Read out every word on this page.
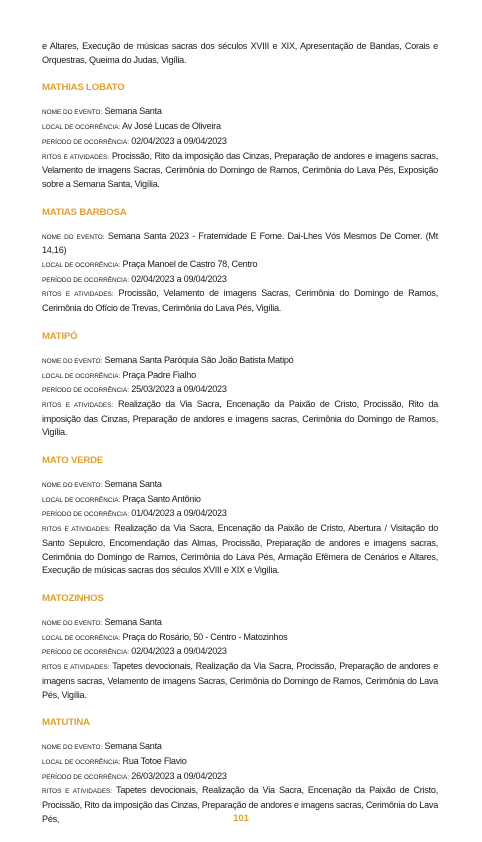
e Altares, Execução de músicas sacras dos séculos XVIII e XIX, Apresentação de Bandas, Corais e Orquestras, Queima do Judas, Vigília.

MATHIAS LOBATO

NOME DO EVENTO: Semana Santa

LOCAL DE OCORRÊNCIA: Av José Lucas de Oliveira

PERÍODO DE OCORRÊNCIA: 02/04/2023 a 09/04/2023

RITOS E ATIVIDADES: Procissão, Rito da imposição das Cinzas, Preparação de andores e imagens sacras, Velamento de imagens Sacras, Cerimônia do Domingo de Ramos, Cerimônia do Lava Pés, Exposição sobre a Semana Santa, Vigília.

MATIAS BARBOSA

NOME DO EVENTO: Semana Santa 2023 - Fraternidade E Fome. Dai-Lhes Vós Mesmos De Comer. (Mt 14,16)

LOCAL DE OCORRÊNCIA: Praça Manoel de Castro 78, Centro

PERÍODO DE OCORRÊNCIA: 02/04/2023 a 09/04/2023

RITOS E ATIVIDADES: Procissão, Velamento de imagens Sacras, Cerimônia do Domingo de Ramos, Cerimônia do Ofício de Trevas, Cerimônia do Lava Pés, Vigília.

MATIPÓ

NOME DO EVENTO: Semana Santa Paróquia São João Batista Matipó

LOCAL DE OCORRÊNCIA: Praça Padre Fialho

PERÍODO DE OCORRÊNCIA: 25/03/2023 a 09/04/2023

RITOS E ATIVIDADES: Realização da Via Sacra, Encenação da Paixão de Cristo, Procissão, Rito da imposição das Cinzas, Preparação de andores e imagens sacras, Cerimônia do Domingo de Ramos, Vigília.

MATO VERDE

NOME DO EVENTO: Semana Santa

LOCAL DE OCORRÊNCIA: Praça Santo Antônio

PERÍODO DE OCORRÊNCIA: 01/04/2023 a 09/04/2023

RITOS E ATIVIDADES: Realização da Via Sacra, Encenação da Paixão de Cristo, Abertura / Visitação do Santo Sepulcro, Encomendação das Almas, Procissão, Preparação de andores e imagens sacras, Cerimônia do Domingo de Ramos, Cerimônia do Lava Pés, Armação Efêmera de Cenários e Altares, Execução de músicas sacras dos séculos XVIII e XIX e Vigília.

MATOZINHOS

NOME DO EVENTO: Semana Santa

LOCAL DE OCORRÊNCIA: Praça do Rosário, 50 - Centro - Matozinhos

PERÍODO DE OCORRÊNCIA: 02/04/2023 a 09/04/2023

RITOS E ATIVIDADES: Tapetes devocionais, Realização da Via Sacra, Procissão, Preparação de andores e imagens sacras, Velamento de imagens Sacras, Cerimônia do Domingo de Ramos, Cerimônia do Lava Pés, Vigília.

MATUTINA

NOME DO EVENTO: Semana Santa

LOCAL DE OCORRÊNCIA: Rua Totoe Flavio

PERÍODO DE OCORRÊNCIA: 26/03/2023 a 09/04/2023

RITOS E ATIVIDADES: Tapetes devocionais, Realização da Via Sacra, Encenação da Paixão de Cristo, Procissão, Rito da imposição das Cinzas, Preparação de andores e imagens sacras, Cerimônia do Lava Pés,	101
